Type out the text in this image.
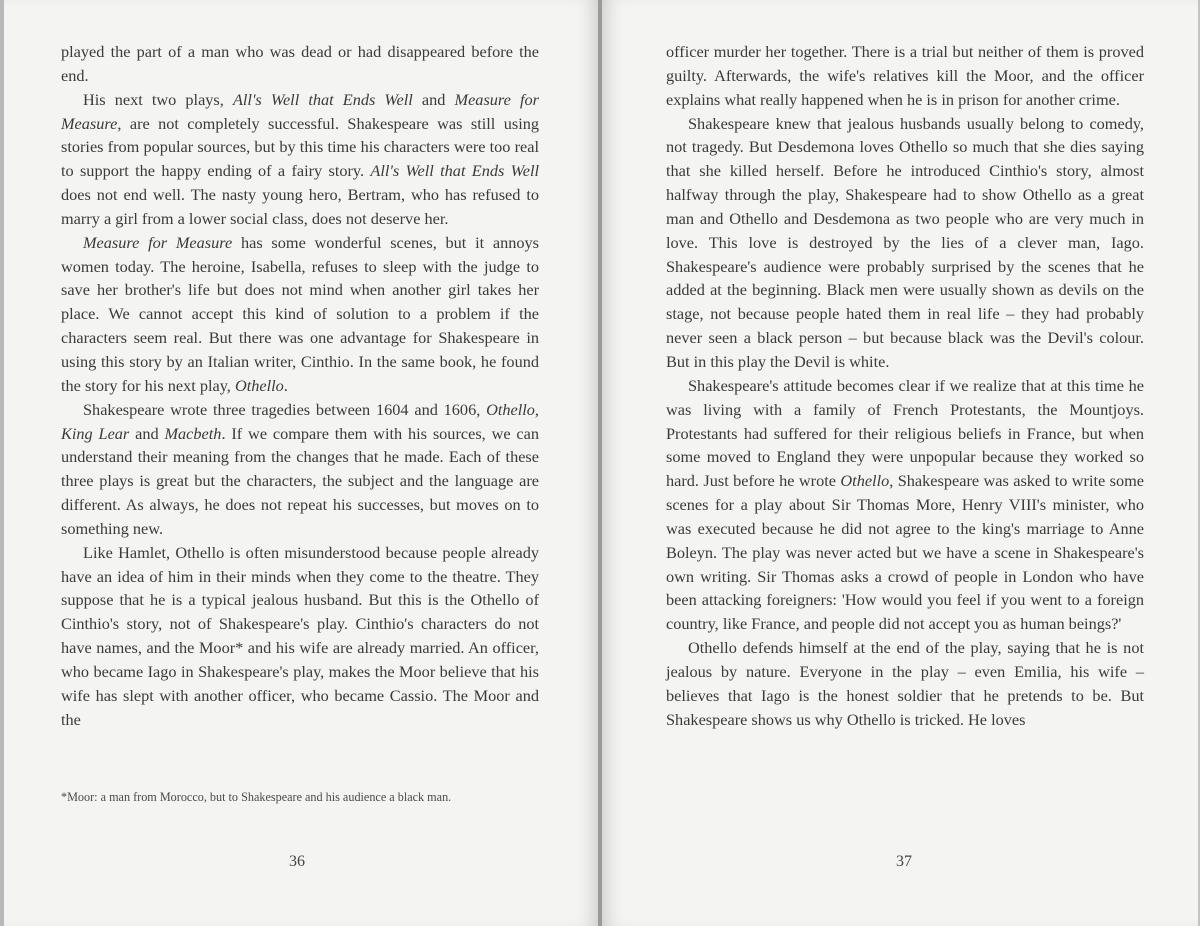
played the part of a man who was dead or had disappeared before the end.

His next two plays, All's Well that Ends Well and Measure for Measure, are not completely successful. Shakespeare was still using stories from popular sources, but by this time his characters were too real to support the happy ending of a fairy story. All's Well that Ends Well does not end well. The nasty young hero, Bertram, who has refused to marry a girl from a lower social class, does not deserve her.

Measure for Measure has some wonderful scenes, but it annoys women today. The heroine, Isabella, refuses to sleep with the judge to save her brother's life but does not mind when another girl takes her place. We cannot accept this kind of solution to a problem if the characters seem real. But there was one advantage for Shakespeare in using this story by an Italian writer, Cinthio. In the same book, he found the story for his next play, Othello.

Shakespeare wrote three tragedies between 1604 and 1606, Othello, King Lear and Macbeth. If we compare them with his sources, we can understand their meaning from the changes that he made. Each of these three plays is great but the characters, the subject and the language are different. As always, he does not repeat his successes, but moves on to something new.

Like Hamlet, Othello is often misunderstood because people already have an idea of him in their minds when they come to the theatre. They suppose that he is a typical jealous husband. But this is the Othello of Cinthio's story, not of Shakespeare's play. Cinthio's characters do not have names, and the Moor* and his wife are already married. An officer, who became Iago in Shakespeare's play, makes the Moor believe that his wife has slept with another officer, who became Cassio. The Moor and the

*Moor: a man from Morocco, but to Shakespeare and his audience a black man.
36

officer murder her together. There is a trial but neither of them is proved guilty. Afterwards, the wife's relatives kill the Moor, and the officer explains what really happened when he is in prison for another crime.

Shakespeare knew that jealous husbands usually belong to comedy, not tragedy. But Desdemona loves Othello so much that she dies saying that she killed herself. Before he introduced Cinthio's story, almost halfway through the play, Shakespeare had to show Othello as a great man and Othello and Desdemona as two people who are very much in love. This love is destroyed by the lies of a clever man, Iago. Shakespeare's audience were probably surprised by the scenes that he added at the beginning. Black men were usually shown as devils on the stage, not because people hated them in real life – they had probably never seen a black person – but because black was the Devil's colour. But in this play the Devil is white.

Shakespeare's attitude becomes clear if we realize that at this time he was living with a family of French Protestants, the Mountjoys. Protestants had suffered for their religious beliefs in France, but when some moved to England they were unpopular because they worked so hard. Just before he wrote Othello, Shakespeare was asked to write some scenes for a play about Sir Thomas More, Henry VIII's minister, who was executed because he did not agree to the king's marriage to Anne Boleyn. The play was never acted but we have a scene in Shakespeare's own writing. Sir Thomas asks a crowd of people in London who have been attacking foreigners: 'How would you feel if you went to a foreign country, like France, and people did not accept you as human beings?'

Othello defends himself at the end of the play, saying that he is not jealous by nature. Everyone in the play – even Emilia, his wife – believes that Iago is the honest soldier that he pretends to be. But Shakespeare shows us why Othello is tricked. He loves

37
